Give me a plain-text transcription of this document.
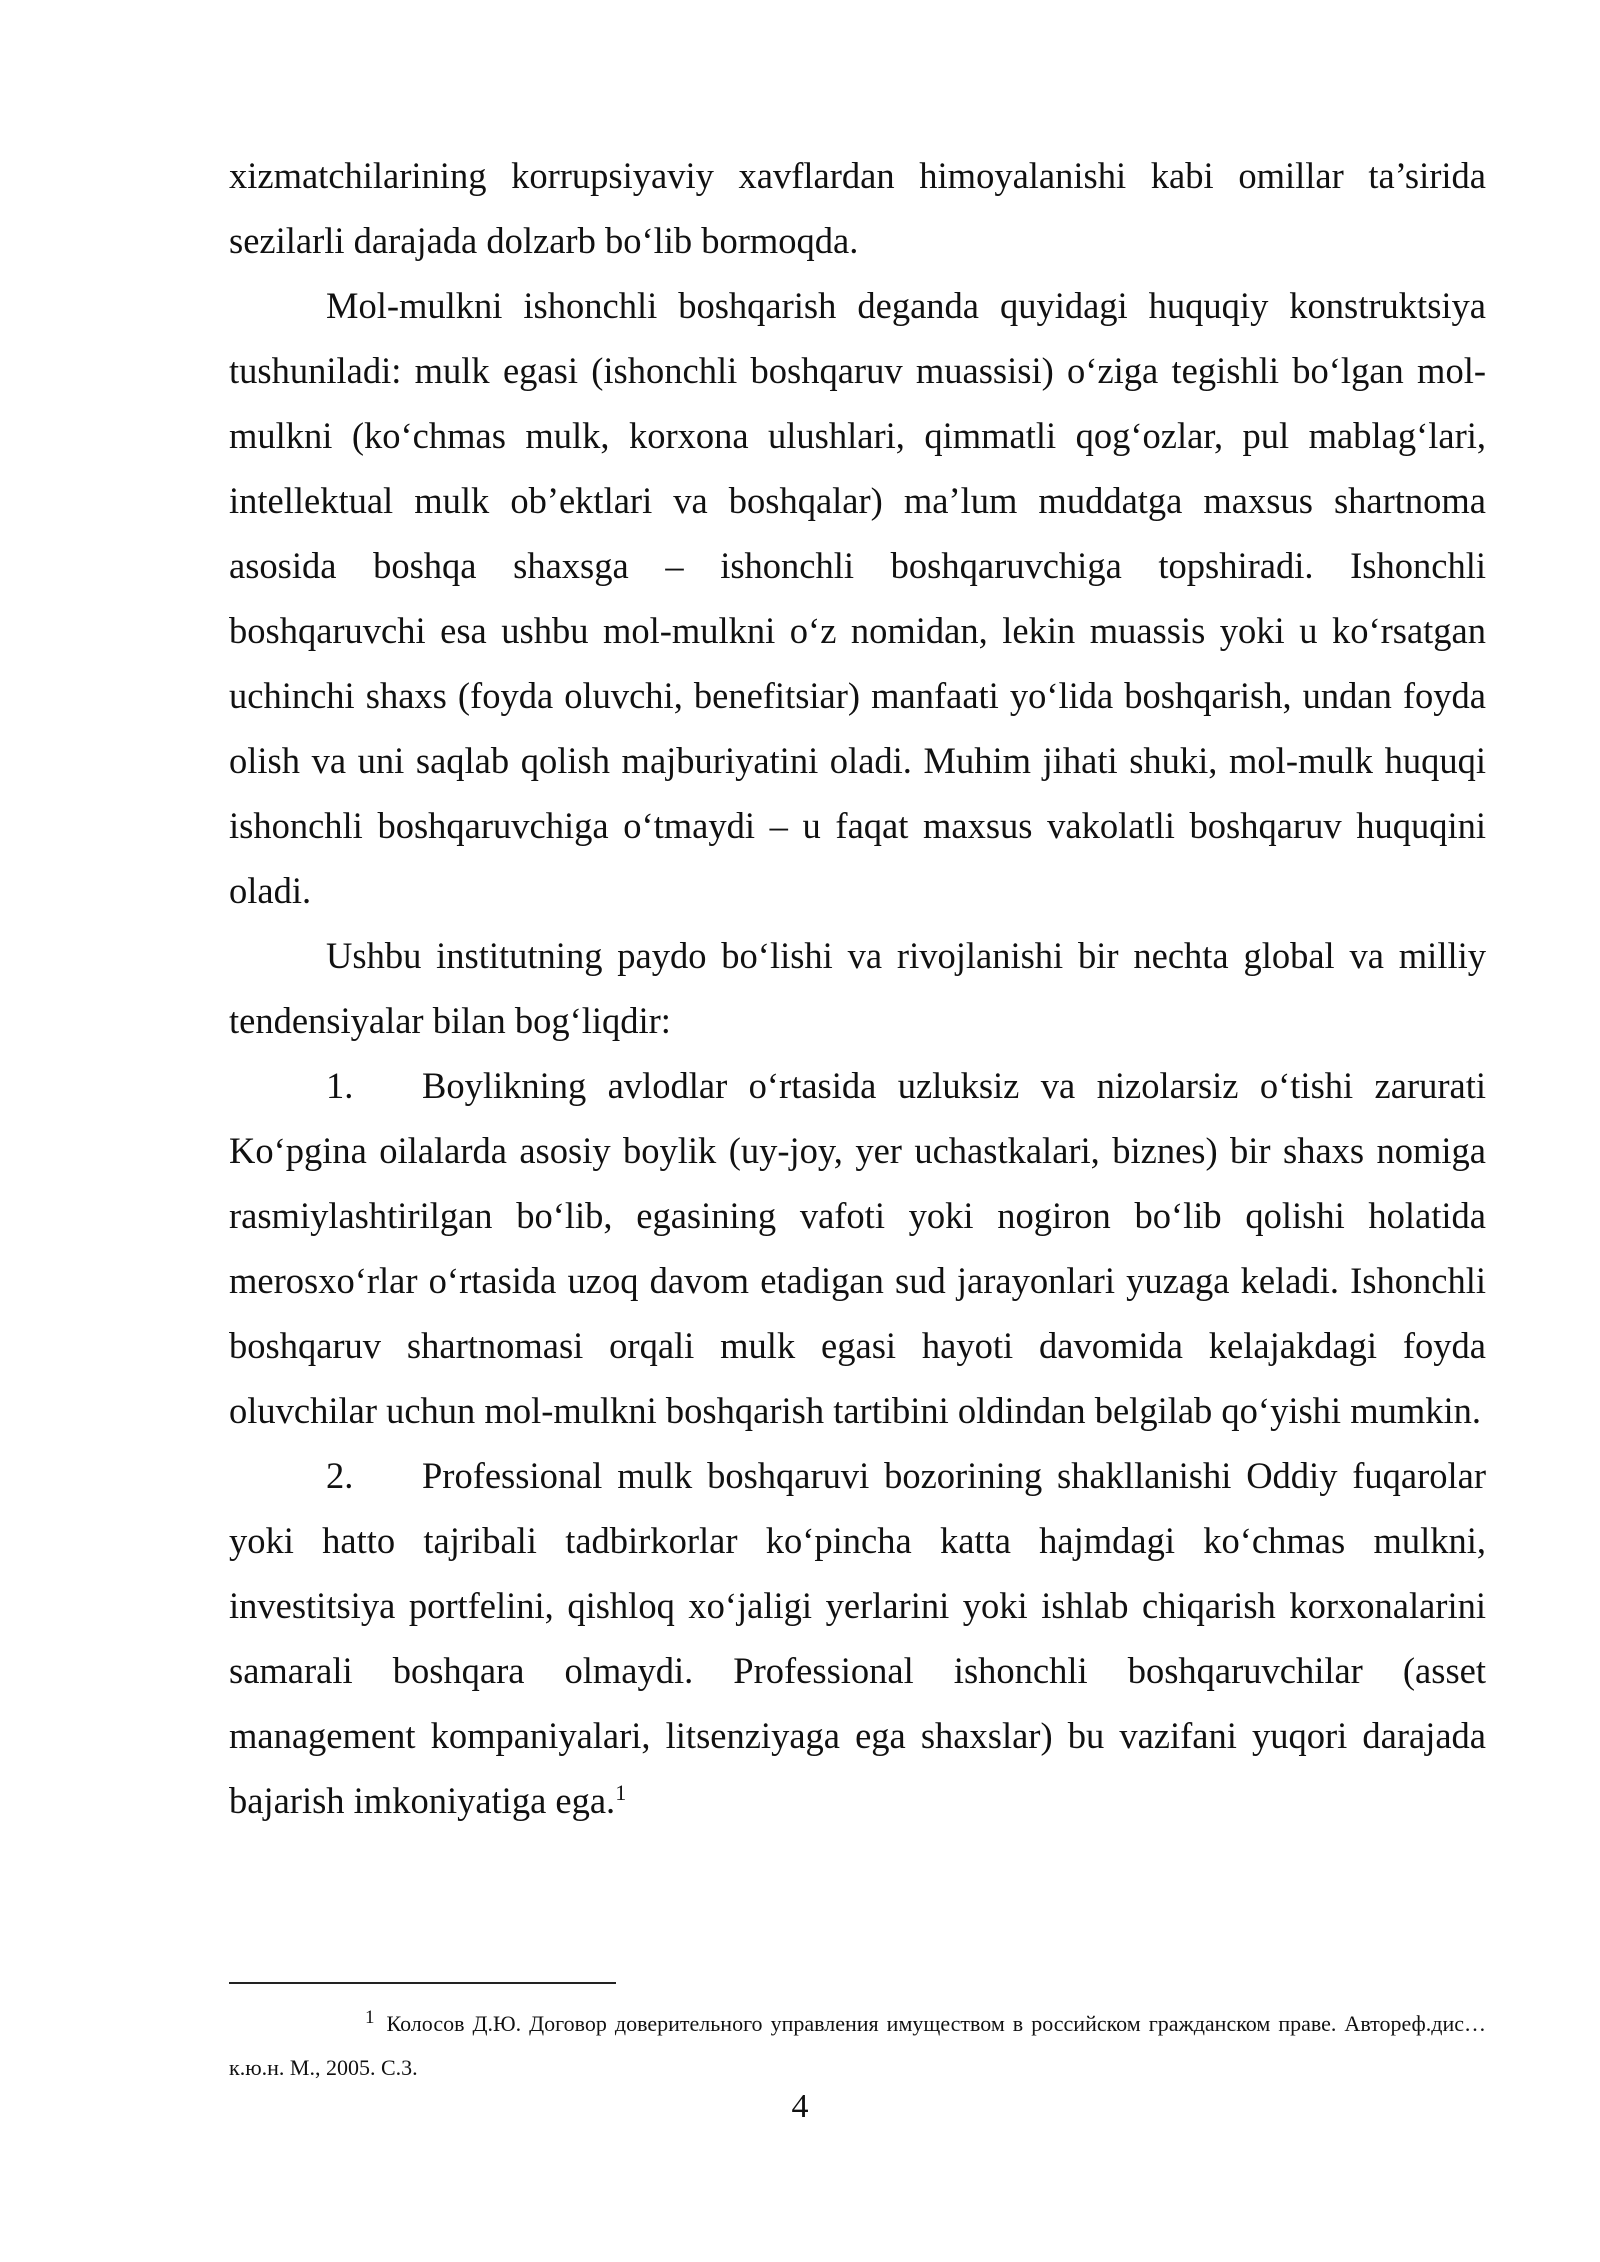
xizmatchilarining korrupsiyaviy xavflardan himoyalanishi kabi omillar ta’sirida sezilarli darajada dolzarb bo‘lib bormoqda.

Mol-mulkni ishonchli boshqarish deganda quyidagi huquqiy konstruktsiya tushuniladi: mulk egasi (ishonchli boshqaruv muassisi) o‘ziga tegishli bo‘lgan mol-mulkni (ko‘chmas mulk, korxona ulushlari, qimmatli qog‘ozlar, pul mablag‘lari, intellektual mulk ob’ektlari va boshqalar) ma’lum muddatga maxsus shartnoma asosida boshqa shaxsga – ishonchli boshqaruvchiga topshiradi. Ishonchli boshqaruvchi esa ushbu mol-mulkni o‘z nomidan, lekin muassis yoki u ko‘rsatgan uchinchi shaxs (foyda oluvchi, benefitsiar) manfaati yo‘lida boshqarish, undan foyda olish va uni saqlab qolish majburiyatini oladi. Muhim jihati shuki, mol-mulk huquqi ishonchli boshqaruvchiga o‘tmaydi – u faqat maxsus vakolatli boshqaruv huquqini oladi.

Ushbu institutning paydo bo‘lishi va rivojlanishi bir nechta global va milliy tendensiyalar bilan bog‘liqdir:

1. Boylikning avlodlar o‘rtasida uzluksiz va nizolarsiz o‘tishi zarurati Ko‘pgina oilalarda asosiy boylik (uy-joy, yer uchastkalari, biznes) bir shaxs nomiga rasmiylashtirilgan bo‘lib, egasining vafoti yoki nogiron bo‘lib qolishi holatida merosxo‘rlar o‘rtasida uzoq davom etadigan sud jarayonlari yuzaga keladi. Ishonchli boshqaruv shartnomasi orqali mulk egasi hayoti davomida kelajakdagi foyda oluvchilar uchun mol-mulkni boshqarish tartibini oldindan belgilab qo‘yishi mumkin.

2. Professional mulk boshqaruvi bozorining shakllanishi Oddiy fuqarolar yoki hatto tajribali tadbirkorlar ko‘pincha katta hajmdagi ko‘chmas mulkni, investitsiya portfelini, qishloq xo‘jaligi yerlarini yoki ishlab chiqarish korxonalarini samarali boshqara olmaydi. Professional ishonchli boshqaruvchilar (asset management kompaniyalari, litsenziyaga ega shaxslar) bu vazifani yuqori darajada bajarish imkoniyatiga ega.$^1$

$^1$ Колосов Д.Ю. Договор доверительного управления имуществом в российском гражданском праве. Автореф.дис…к.ю.н. М., 2005. С.3.
4
